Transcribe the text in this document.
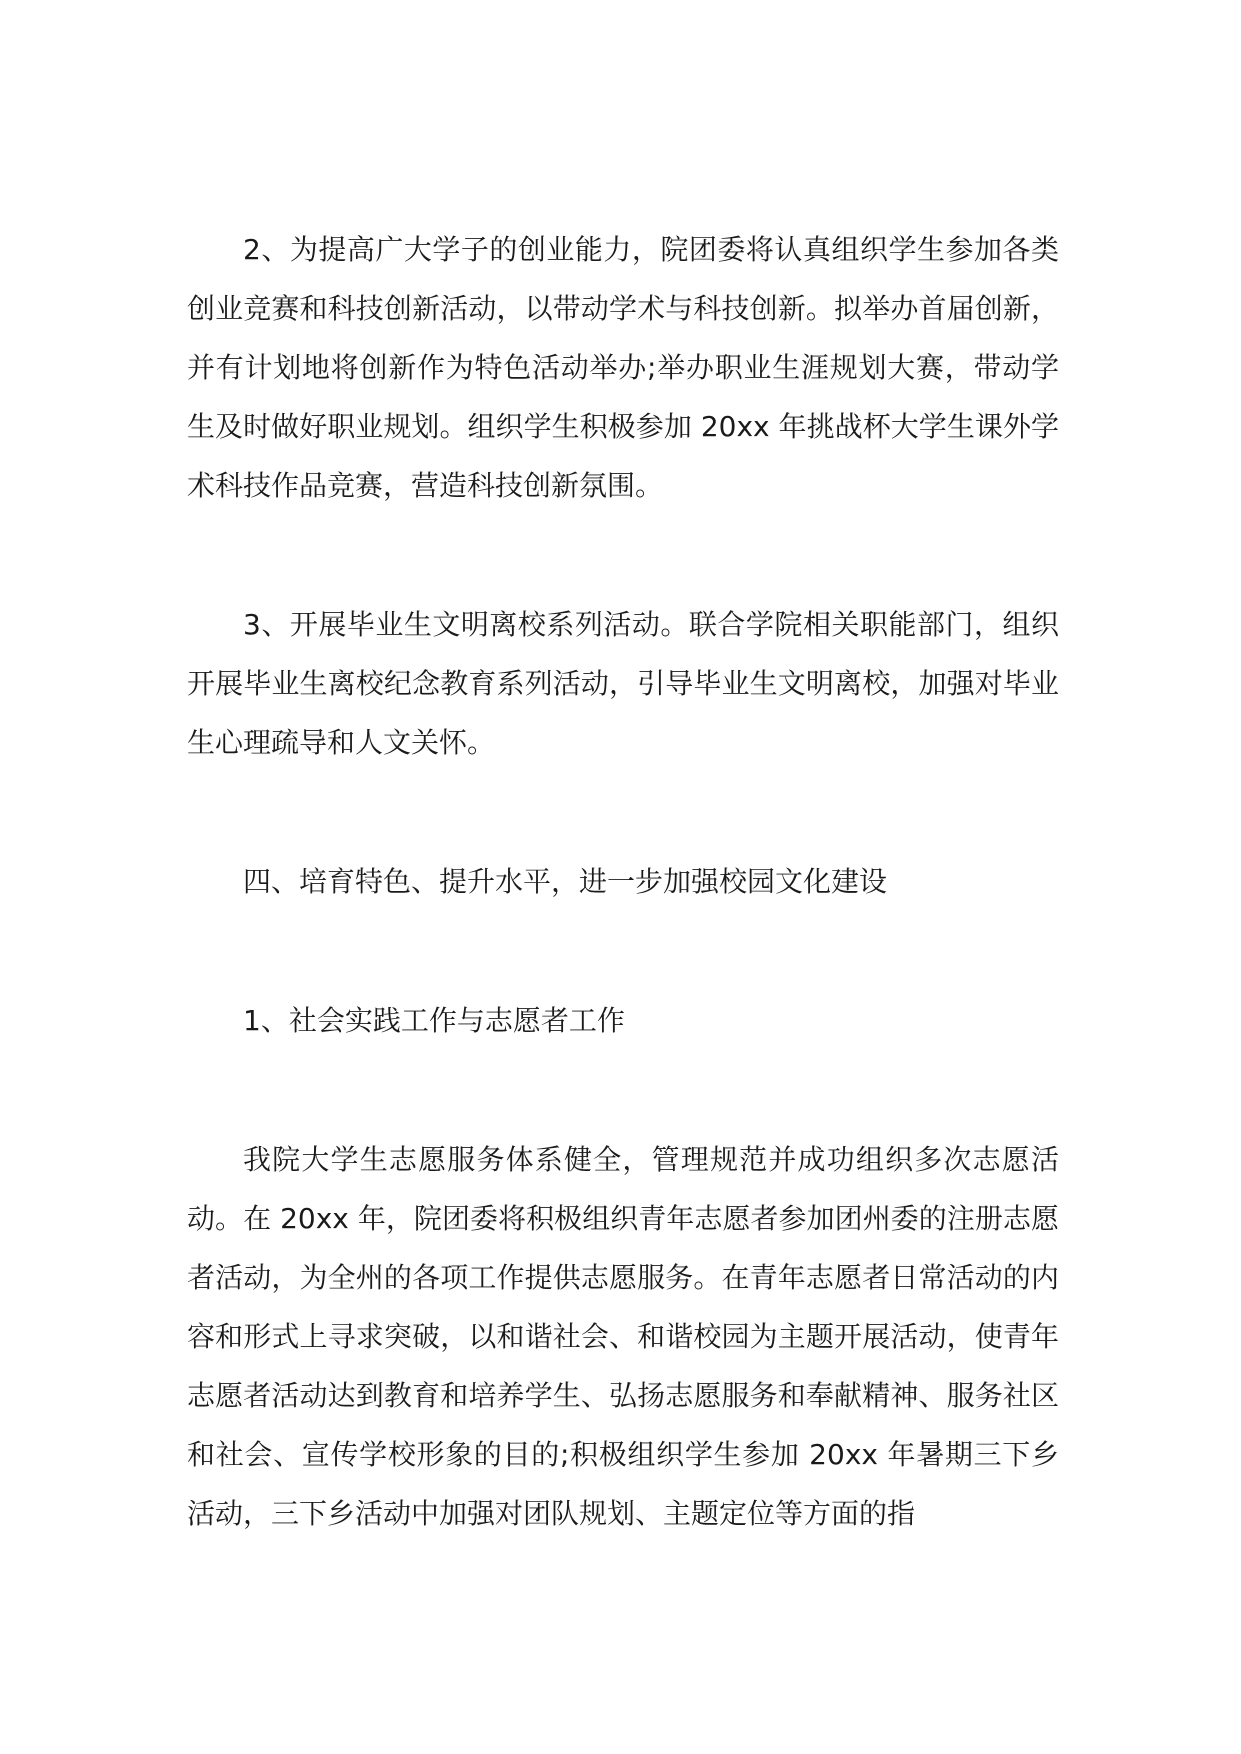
2、为提高广大学子的创业能力，院团委将认真组织学生参加各类创业竞赛和科技创新活动，以带动学术与科技创新。拟举办首届创新，并有计划地将创新作为特色活动举办;举办职业生涯规划大赛，带动学生及时做好职业规划。组织学生积极参加 20xx 年挑战杯大学生课外学术科技作品竞赛，营造科技创新氛围。

3、开展毕业生文明离校系列活动。联合学院相关职能部门，组织开展毕业生离校纪念教育系列活动，引导毕业生文明离校，加强对毕业生心理疏导和人文关怀。

四、培育特色、提升水平，进一步加强校园文化建设

1、社会实践工作与志愿者工作

我院大学生志愿服务体系健全，管理规范并成功组织多次志愿活动。在 20xx 年，院团委将积极组织青年志愿者参加团州委的注册志愿者活动，为全州的各项工作提供志愿服务。在青年志愿者日常活动的内容和形式上寻求突破，以和谐社会、和谐校园为主题开展活动，使青年志愿者活动达到教育和培养学生、弘扬志愿服务和奉献精神、服务社区和社会、宣传学校形象的目的;积极组织学生参加 20xx 年暑期三下乡活动，三下乡活动中加强对团队规划、主题定位等方面的指
